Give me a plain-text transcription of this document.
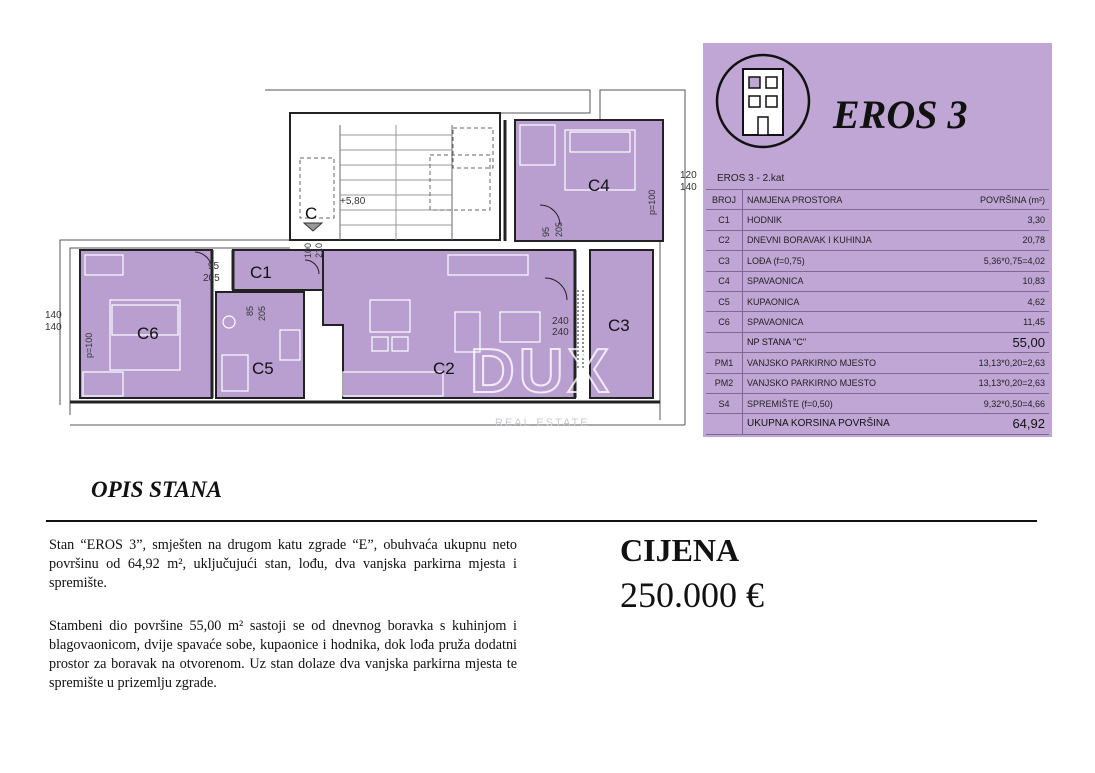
C
+5,80
C6
C1
C2
C3
C4
C5
95
205
85 205
100 210
95 205
240
240
140
140
120
140
p=100
p=100
DUX
REAL ESTATE
EROS 3
EROS 3 - 2.kat
BROJ	NAMJENA PROSTORA	POVRŠINA (m²)
C1	HODNIK	3,30
C2	DNEVNI BORAVAK I KUHINJA	20,78
C3	LOĐA (f=0,75)	5,36*0,75=4,02
C4	SPAVAONICA	10,83
C5	KUPAONICA	4,62
C6	SPAVAONICA	11,45
	NP STANA "C"	55,00
PM1	VANJSKO PARKIRNO MJESTO	13,13*0,20=2,63
PM2	VANJSKO PARKIRNO MJESTO	13,13*0,20=2,63
S4	SPREMIŠTE (f=0,50)	9,32*0,50=4,66
	UKUPNA KORSINA POVRŠINA	64,92
OPIS STANA

Stan “EROS 3”, smješten na drugom katu zgrade “E”, obuhvaća ukupnu neto površinu od 64,92 m², uključujući stan, lođu, dva vanjska parkirna mjesta i spremište.

Stambeni dio površine 55,00 m² sastoji se od dnevnog boravka s kuhinjom i blagovaonicom, dvije spavaće sobe, kupaonice i hodnika, dok lođa pruža dodatni prostor za boravak na otvorenom. Uz stan dolaze dva vanjska parkirna mjesta te spremište u prizemlju zgrade.

CIJENA
250.000 €
